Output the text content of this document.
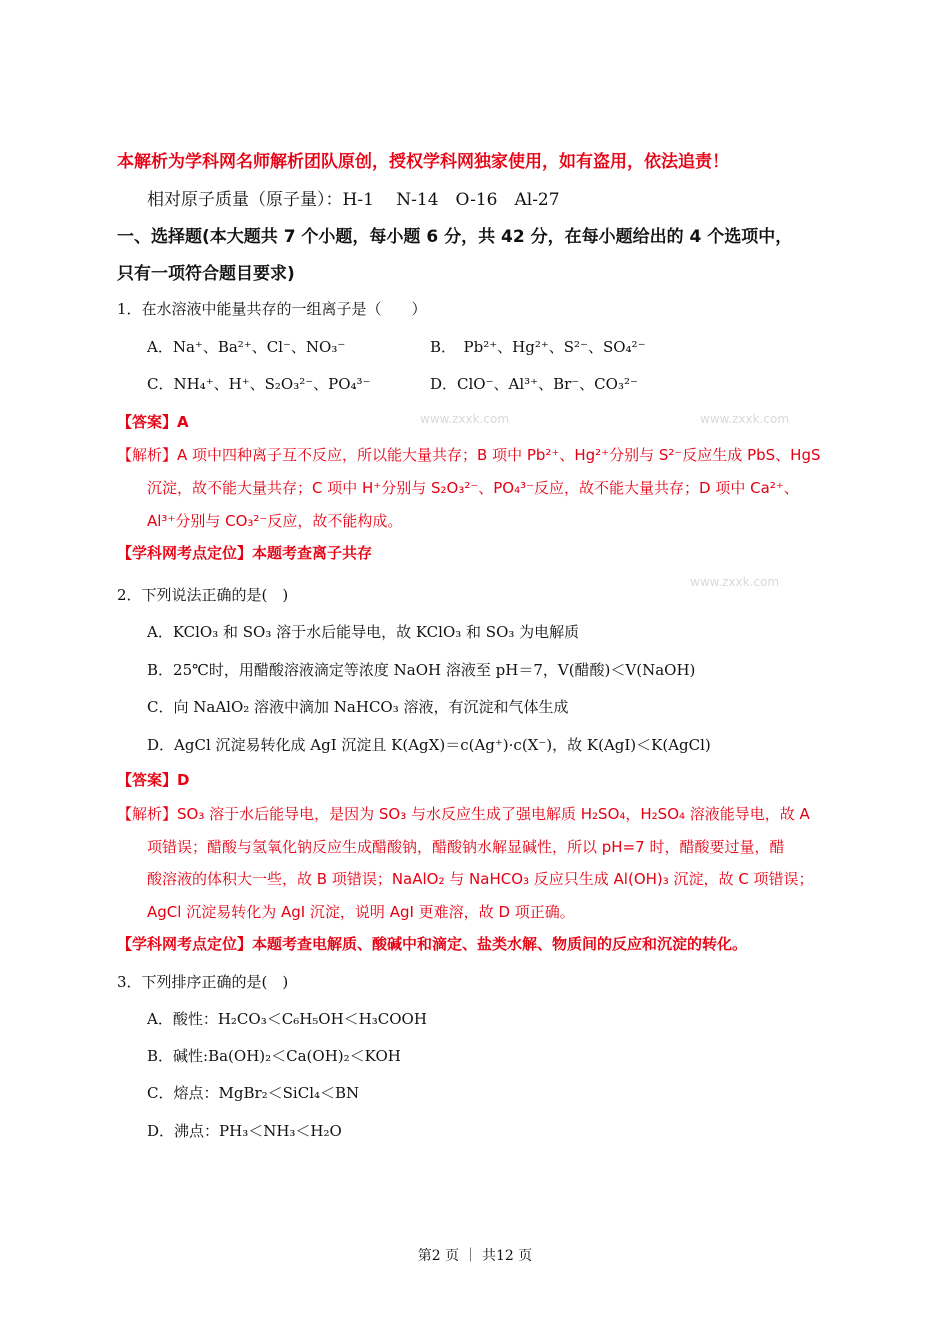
本解析为学科网名师解析团队原创，授权学科网独家使用，如有盗用，依法追责！
相对原子质量（原子量）：H-1　 N-14　O-16　Al-27
一、选择题(本大题共 7 个小题，每小题 6 分，共 42 分，在每小题给出的 4 个选项中，
只有一项符合题目要求)
1．在水溶液中能量共存的一组离子是（　　）
A．Na⁺、Ba²⁺、Cl⁻、NO₃⁻	B．　Pb²⁺、Hg²⁺、S²⁻、SO₄²⁻
C．NH₄⁺、H⁺、S₂O₃²⁻、PO₄³⁻	D．ClO⁻、Al³⁺、Br⁻、CO₃²⁻
【答案】A
【解析】A 项中四种离子互不反应，所以能大量共存；B 项中 Pb²⁺、Hg²⁺分别与 S²⁻反应生成 PbS、HgS
沉淀，故不能大量共存；C 项中 H⁺分别与 S₂O₃²⁻、PO₄³⁻反应，故不能大量共存；D 项中 Ca²⁺、
Al³⁺分别与 CO₃²⁻反应，故不能构成。
【学科网考点定位】本题考查离子共存
2．下列说法正确的是(　)
A．KClO₃ 和 SO₃ 溶于水后能导电，故 KClO₃ 和 SO₃ 为电解质
B．25℃时，用醋酸溶液滴定等浓度 NaOH 溶液至 pH＝7，V(醋酸)＜V(NaOH)
C．向 NaAlO₂ 溶液中滴加 NaHCO₃ 溶液，有沉淀和气体生成
D．AgCl 沉淀易转化成 AgI 沉淀且 K(AgX)＝c(Ag⁺)·c(X⁻)，故 K(AgI)＜K(AgCl)
【答案】D
【解析】SO₃ 溶于水后能导电，是因为 SO₃ 与水反应生成了强电解质 H₂SO₄，H₂SO₄ 溶液能导电，故 A
项错误；醋酸与氢氧化钠反应生成醋酸钠，醋酸钠水解显碱性，所以 pH=7 时，醋酸要过量，醋
酸溶液的体积大一些，故 B 项错误；NaAlO₂ 与 NaHCO₃ 反应只生成 Al(OH)₃ 沉淀，故 C 项错误；
AgCl 沉淀易转化为 AgI 沉淀，说明 AgI 更难溶，故 D 项正确。
【学科网考点定位】本题考查电解质、酸碱中和滴定、盐类水解、物质间的反应和沉淀的转化。
3．下列排序正确的是(　)
A．酸性：H₂CO₃＜C₆H₅OH＜H₃COOH
B．碱性:Ba(OH)₂＜Ca(OH)₂＜KOH
C．熔点：MgBr₂＜SiCl₄＜BN
D．沸点：PH₃＜NH₃＜H₂O
www.zxxk.com	www.zxxk.com
www.zxxk.com
第2 页 ｜ 共12 页
